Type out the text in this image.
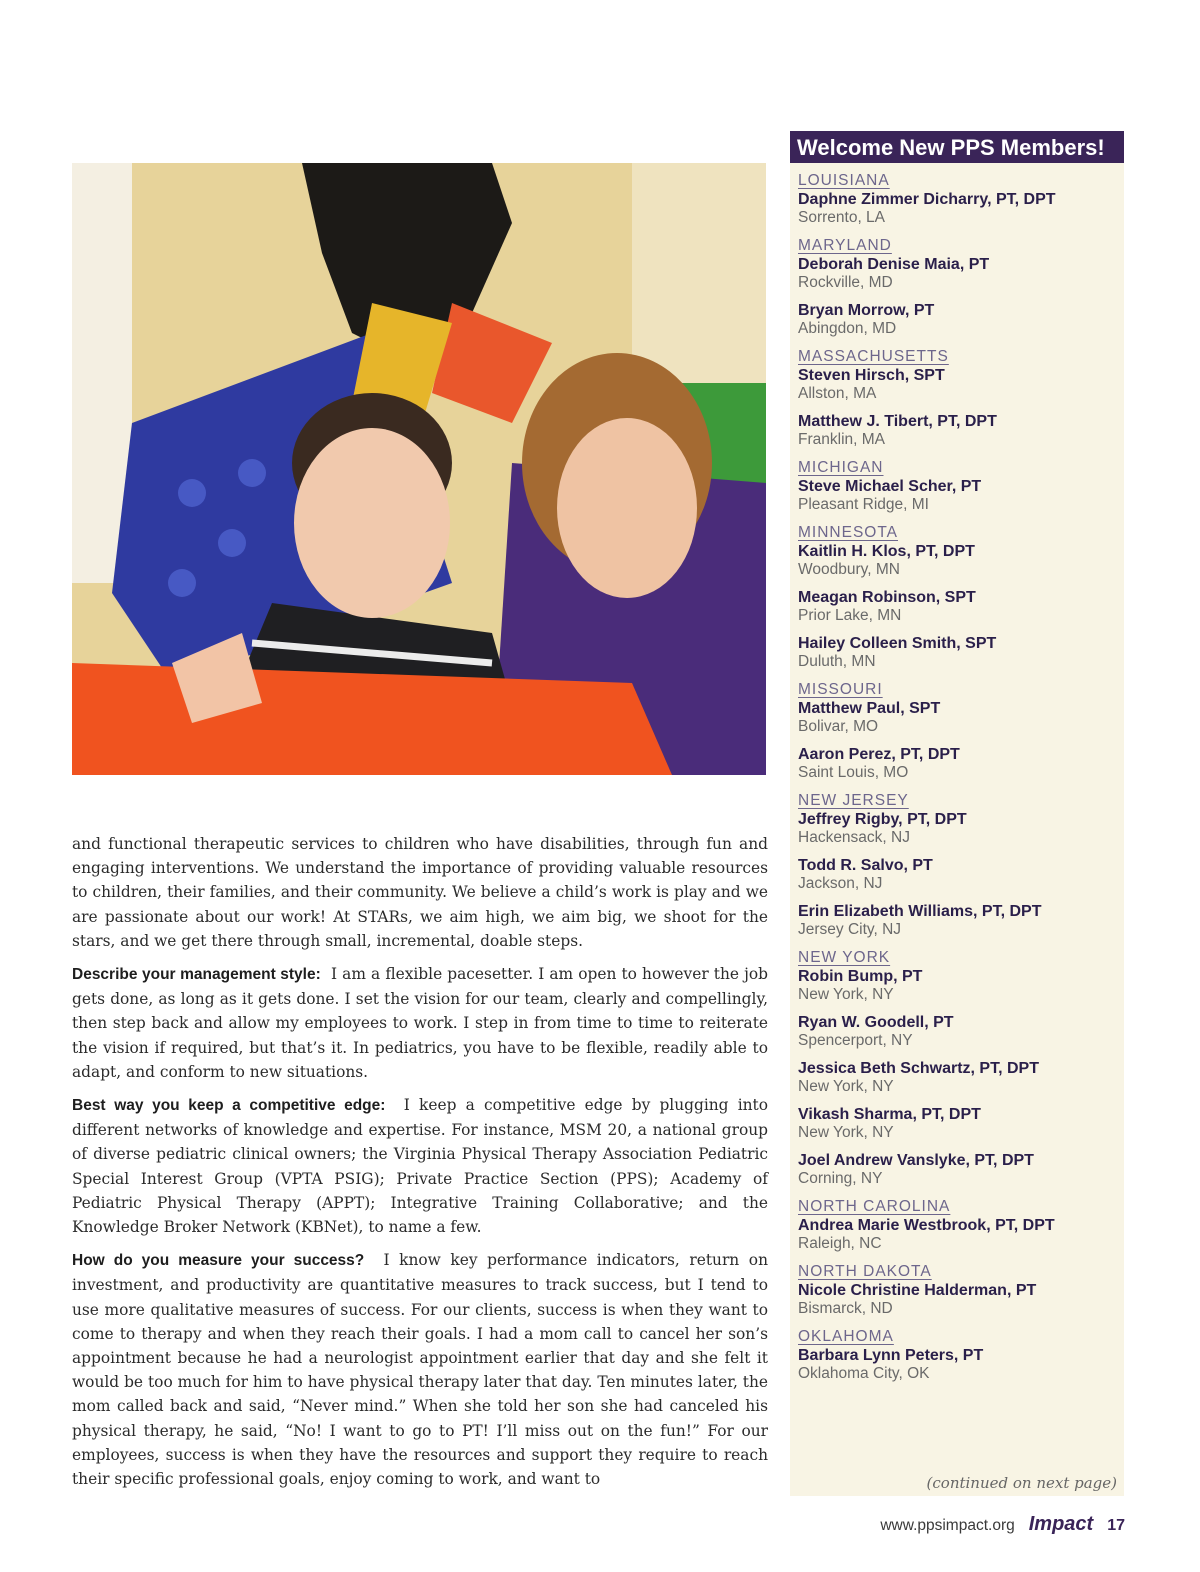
and functional therapeutic services to children who have disabilities, through fun and engaging interventions. We understand the importance of providing valuable resources to children, their families, and their community. We believe a child’s work is play and we are passionate about our work! At STARs, we aim high, we aim big, we shoot for the stars, and we get there through small, incremental, doable steps.

Describe your management style: I am a flexible pacesetter. I am open to however the job gets done, as long as it gets done. I set the vision for our team, clearly and compellingly, then step back and allow my employees to work. I step in from time to time to reiterate the vision if required, but that’s it. In pediatrics, you have to be flexible, readily able to adapt, and conform to new situations.

Best way you keep a competitive edge: I keep a competitive edge by plugging into different networks of knowledge and expertise. For instance, MSM 20, a national group of diverse pediatric clinical owners; the Virginia Physical Therapy Association Pediatric Special Interest Group (VPTA PSIG); Private Practice Section (PPS); Academy of Pediatric Physical Therapy (APPT); Integrative Training Collaborative; and the Knowledge Broker Network (KBNet), to name a few.

How do you measure your success? I know key performance indicators, return on investment, and productivity are quantitative measures to track success, but I tend to use more qualitative measures of success. For our clients, success is when they want to come to therapy and when they reach their goals. I had a mom call to cancel her son’s appointment because he had a neurologist appointment earlier that day and she felt it would be too much for him to have physical therapy later that day. Ten minutes later, the mom called back and said, “Never mind.” When she told her son she had canceled his physical therapy, he said, “No! I want to go to PT! I’ll miss out on the fun!” For our employees, success is when they have the resources and support they require to reach their specific professional goals, enjoy coming to work, and want to

Welcome New PPS Members!
LOUISIANA
Daphne Zimmer Dicharry, PT, DPT
Sorrento, LA
MARYLAND
Deborah Denise Maia, PT
Rockville, MD
Bryan Morrow, PT
Abingdon, MD
MASSACHUSETTS
Steven Hirsch, SPT
Allston, MA
Matthew J. Tibert, PT, DPT
Franklin, MA
MICHIGAN
Steve Michael Scher, PT
Pleasant Ridge, MI
MINNESOTA
Kaitlin H. Klos, PT, DPT
Woodbury, MN
Meagan Robinson, SPT
Prior Lake, MN
Hailey Colleen Smith, SPT
Duluth, MN
MISSOURI
Matthew Paul, SPT
Bolivar, MO
Aaron Perez, PT, DPT
Saint Louis, MO
NEW JERSEY
Jeffrey Rigby, PT, DPT
Hackensack, NJ
Todd R. Salvo, PT
Jackson, NJ
Erin Elizabeth Williams, PT, DPT
Jersey City, NJ
NEW YORK
Robin Bump, PT
New York, NY
Ryan W. Goodell, PT
Spencerport, NY
Jessica Beth Schwartz, PT, DPT
New York, NY
Vikash Sharma, PT, DPT
New York, NY
Joel Andrew Vanslyke, PT, DPT
Corning, NY
NORTH CAROLINA
Andrea Marie Westbrook, PT, DPT
Raleigh, NC
NORTH DAKOTA
Nicole Christine Halderman, PT
Bismarck, ND
OKLAHOMA
Barbara Lynn Peters, PT
Oklahoma City, OK
(continued on next page)
www.ppsimpact.org Impact 17
